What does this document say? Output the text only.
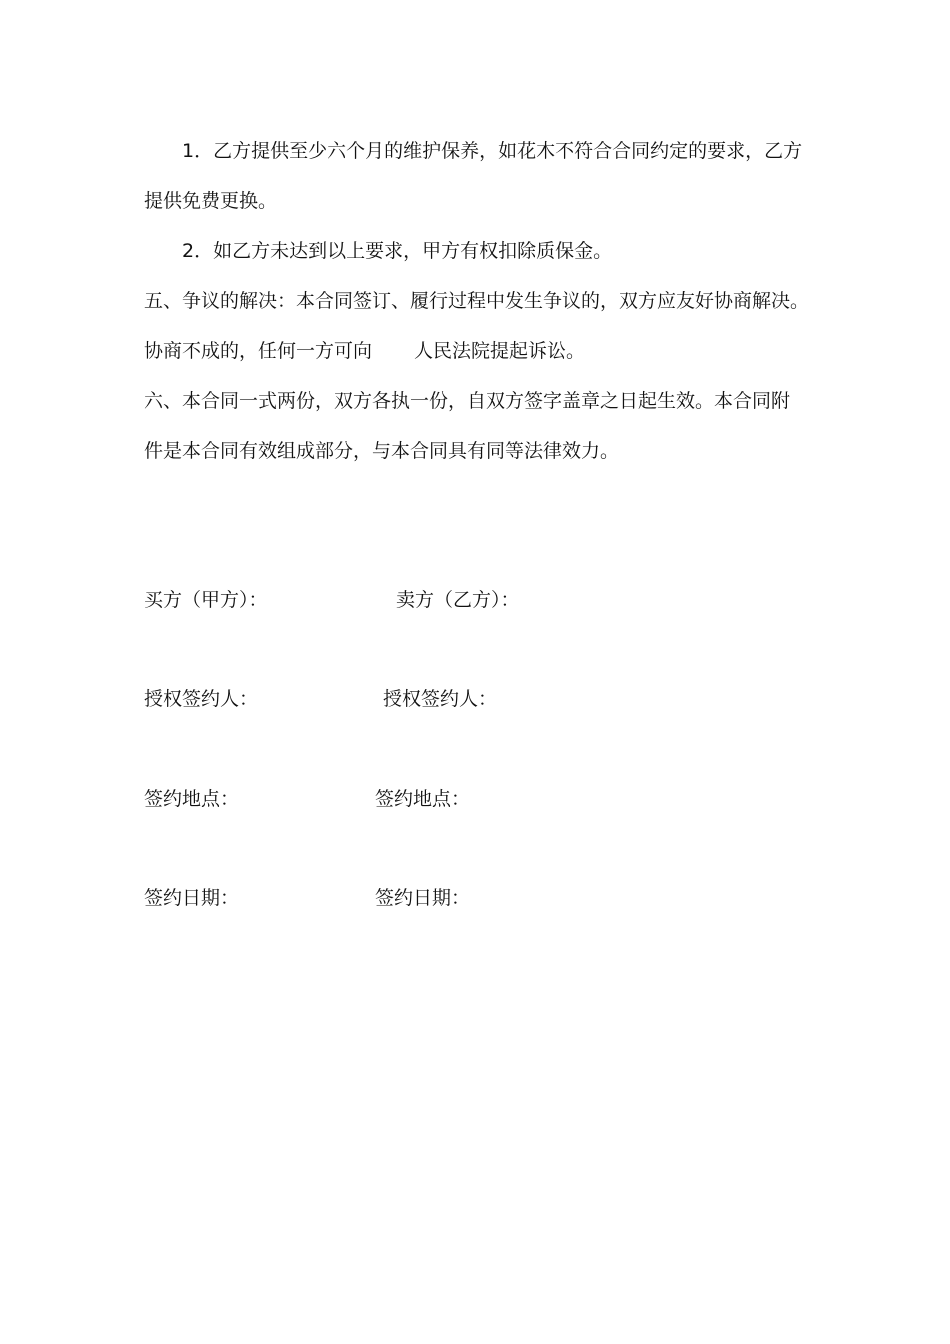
1．乙方提供至少六个月的维护保养，如花木不符合合同约定的要求，乙方
提供免费更换。
2．如乙方未达到以上要求，甲方有权扣除质保金。
五、争议的解决：本合同签订、履行过程中发生争议的，双方应友好协商解决。
协商不成的，任何一方可向 人民法院提起诉讼。
六、本合同一式两份，双方各执一份，自双方签字盖章之日起生效。本合同附
件是本合同有效组成部分，与本合同具有同等法律效力。
买方（甲方）：	卖方（乙方）：
授权签约人：	授权签约人：
签约地点：	签约地点：
签约日期：	签约日期：
